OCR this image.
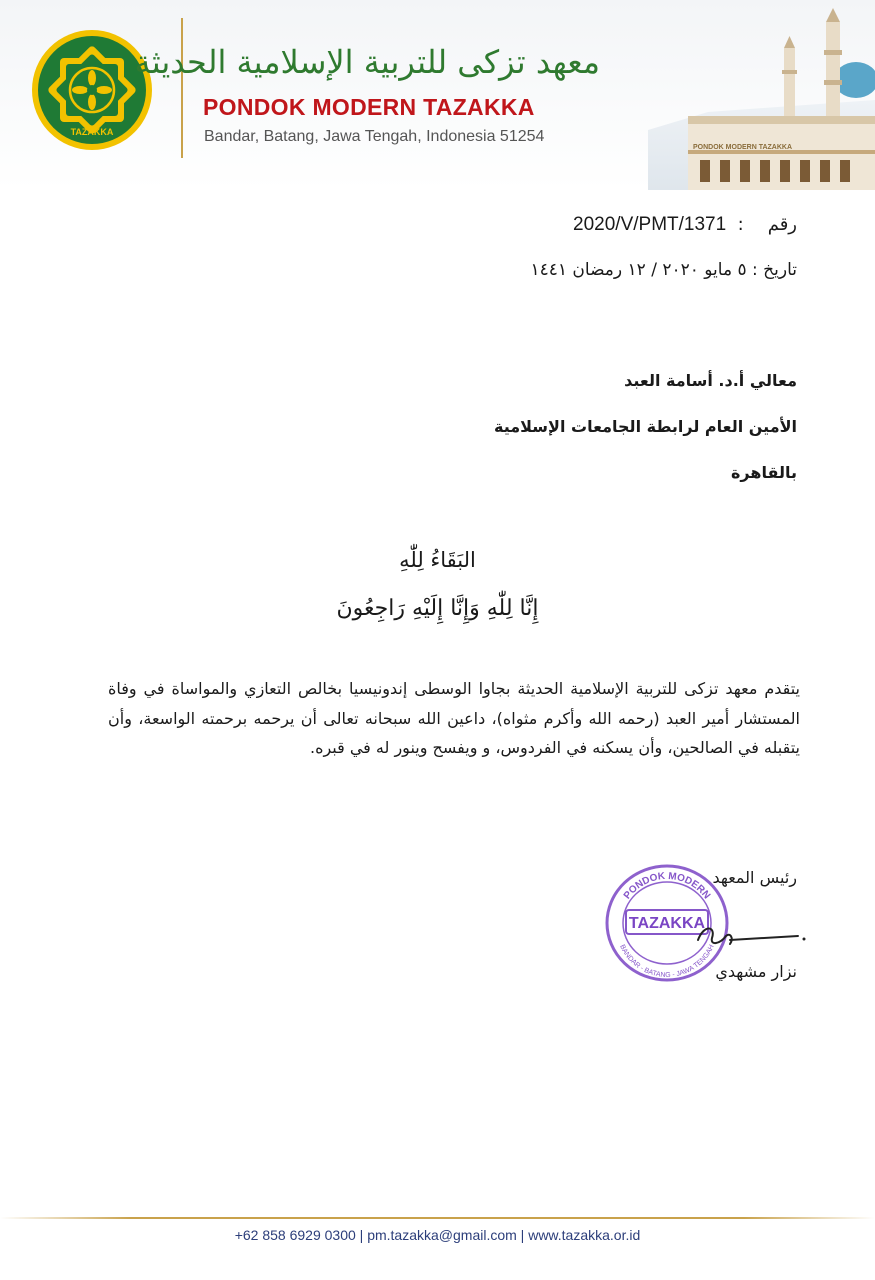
TAZAKKA
معهد تزكى للتربية الإسلامية الحديثة
PONDOK MODERN TAZAKKA
Bandar, Batang, Jawa Tengah, Indonesia 51254
PONDOK MODERN TAZAKKA
رقم:  2020/V/PMT/1371
تاريخ : ٥ مايو ٢٠٢٠ / ١٢ رمضان ١٤٤١
معالي أ.د. أسامة العبد
الأمين العام لرابطة الجامعات الإسلامية
بالقاهرة
البَقَاءُ لِلّٰهِ
إِنَّا لِلّٰهِ وَإِنَّا إِلَيْهِ رَاجِعُونَ
يتقدم معهد تزكى للتربية الإسلامية الحديثة بجاوا الوسطى إندونيسيا بخالص التعازي والمواساة في وفاة المستشار أمير العبد (رحمه الله وأكرم مثواه)، داعين الله سبحانه تعالى أن يرحمه برحمته الواسعة، وأن يتقبله في الصالحين، وأن يسكنه في الفردوس، و ويفسح وينور له في قبره.
رئيس المعهد
PONDOK MODERN
BANDAR - BATANG - JAWA TENGAH
TAZAKKA
نزار مشهدي
+62 858 6929 0300 | pm.tazakka@gmail.com | www.tazakka.or.id
